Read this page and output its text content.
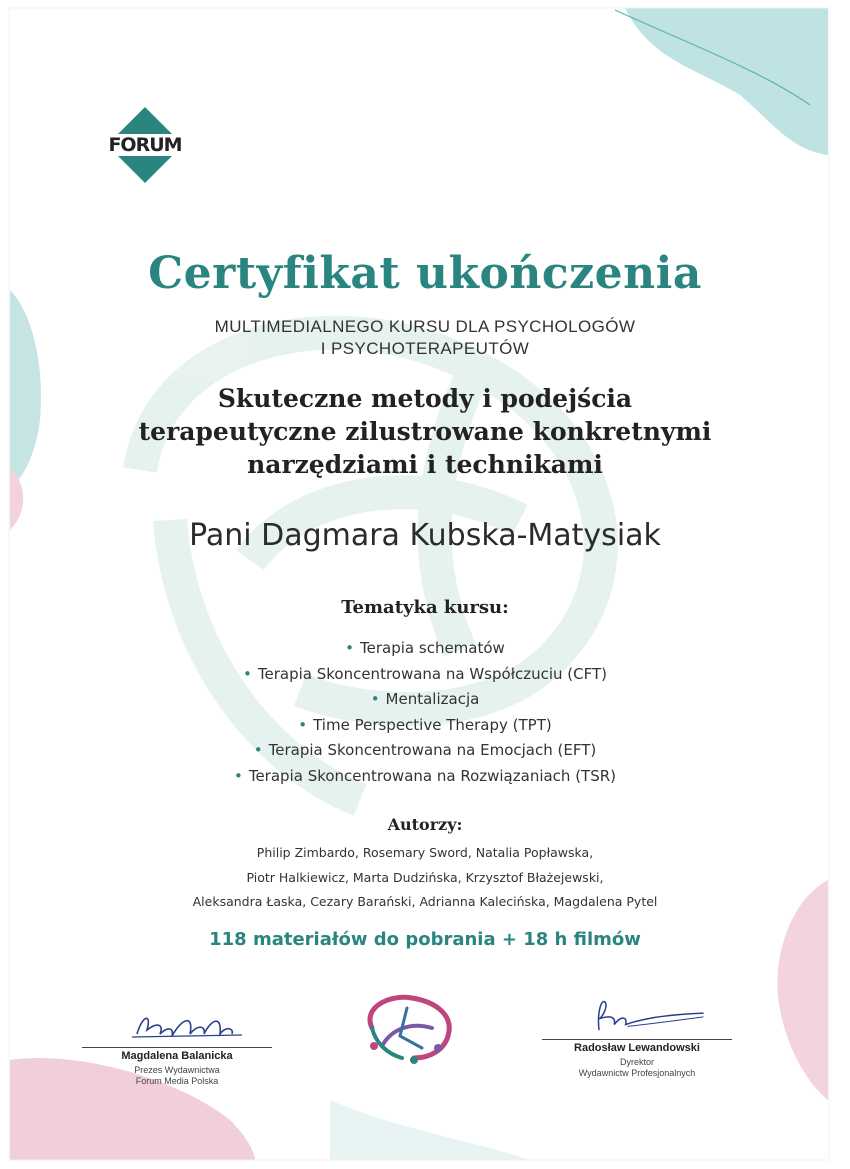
FORUM
Certyfikat ukończenia
MULTIMEDIALNEGO KURSU DLA PSYCHOLOGÓW
I PSYCHOTERAPEUTÓW
Skuteczne metody i podejścia
terapeutyczne zilustrowane konkretnymi
narzędziami i technikami
Pani Dagmara Kubska-Matysiak
Tematyka kursu:
• Terapia schematów
• Terapia Skoncentrowana na Współczuciu (CFT)
• Mentalizacja
• Time Perspective Therapy (TPT)
• Terapia Skoncentrowana na Emocjach (EFT)
• Terapia Skoncentrowana na Rozwiązaniach (TSR)
Autorzy:
Philip Zimbardo, Rosemary Sword, Natalia Popławska,
Piotr Halkiewicz, Marta Dudzińska, Krzysztof Błażejewski,
Aleksandra Łaska, Cezary Barański, Adrianna Kalecińska, Magdalena Pytel
118 materiałów do pobrania + 18 h filmów
Magdalena Balanicka
Prezes Wydawnictwa
Forum Media Polska
Radosław Lewandowski
Dyrektor
Wydawnictw Profesjonalnych
